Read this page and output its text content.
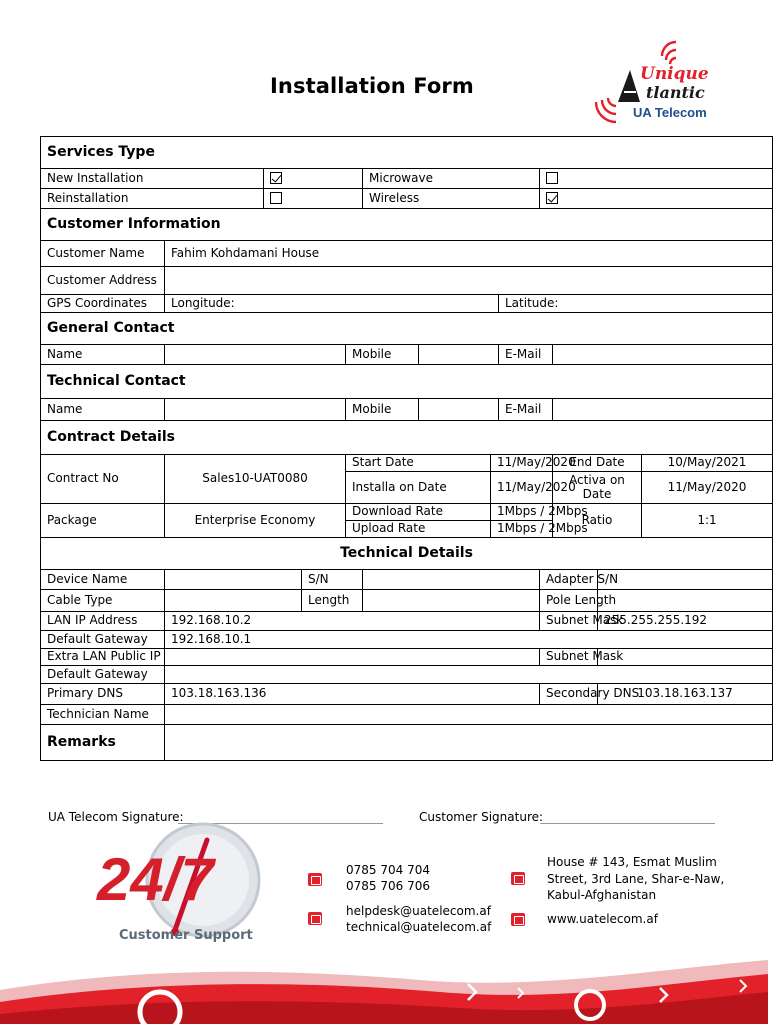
Installation Form	Unique
tlantic
UA Telecom
Services Type												
New Installation					Microwave							
Reinstallation					Wireless							
Customer Information												
Customer Name	Fahim Kohdamani House											
Customer Address												
GPS Coordinates	Longitude:							Latitude:				
General Contact												
Name				Mobile				E-Mail				
Technical Contact												
Name				Mobile				E-Mail				
Contract Details												
Contract No	Sales10-UAT0080			Start Date			11/May/2020			End Date		10/May/2021
				Installa on Date			11/May/2020			Activa on Date		11/May/2020
Package	Enterprise Economy			Download Rate			1Mbps / 2Mbps			Ratio		1:1
				Upload Rate			1Mbps / 2Mbps					
Technical Details												
Device Name			S/N						Adapter S/N			
Cable Type			Length						Pole Length			
LAN IP Address	192.168.10.2								Subnet Mask		255.255.255.192	
Default Gateway	192.168.10.1											
Extra LAN Public IP									Subnet Mask			
Default Gateway												
Primary DNS	103.18.163.136								Secondary DNS		103.18.163.137	
Technician Name												
Remarks												
UA Telecom Signature:	Customer Signature:
24/7
Customer Support
0785 704 704
0785 706 706
helpdesk@uatelecom.af
technical@uatelecom.af
House # 143, Esmat Muslim
Street, 3rd Lane, Shar-e-Naw,
Kabul-Afghanistan
www.uatelecom.af
